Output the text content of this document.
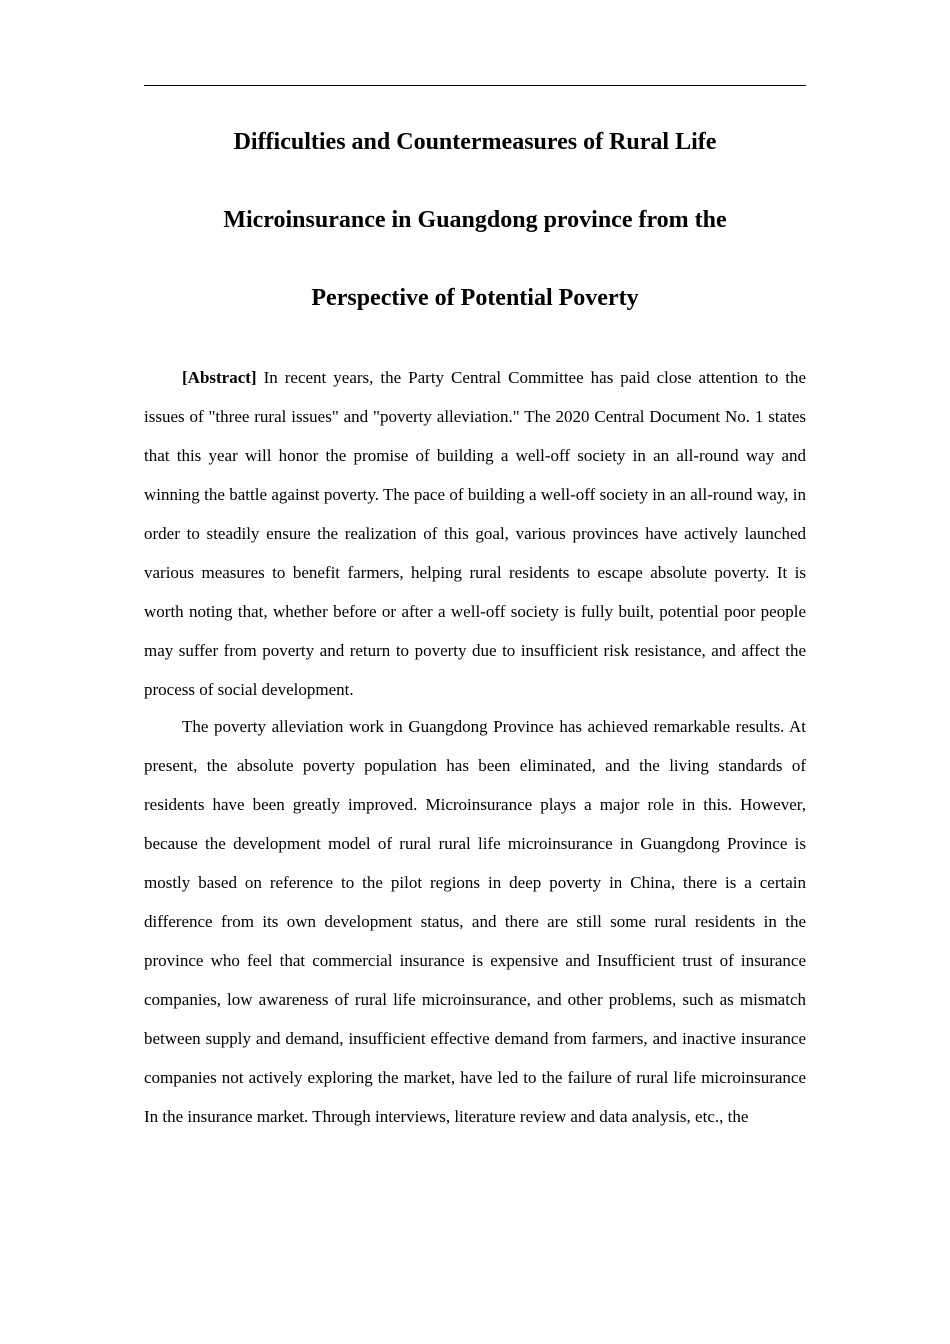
Difficulties and Countermeasures of Rural Life
Microinsurance in Guangdong province from the
Perspective of Potential Poverty

[Abstract] In recent years, the Party Central Committee has paid close attention to the issues of "three rural issues" and "poverty alleviation." The 2020 Central Document No. 1 states that this year will honor the promise of building a well-off society in an all-round way and winning the battle against poverty. The pace of building a well-off society in an all-round way, in order to steadily ensure the realization of this goal, various provinces have actively launched various measures to benefit farmers, helping rural residents to escape absolute poverty. It is worth noting that, whether before or after a well-off society is fully built, potential poor people may suffer from poverty and return to poverty due to insufficient risk resistance, and affect the process of social development.

The poverty alleviation work in Guangdong Province has achieved remarkable results. At present, the absolute poverty population has been eliminated, and the living standards of residents have been greatly improved. Microinsurance plays a major role in this. However, because the development model of rural rural life microinsurance in Guangdong Province is mostly based on reference to the pilot regions in deep poverty in China, there is a certain difference from its own development status, and there are still some rural residents in the province who feel that commercial insurance is expensive and Insufficient trust of insurance companies, low awareness of rural life microinsurance, and other problems, such as mismatch between supply and demand, insufficient effective demand from farmers, and inactive insurance companies not actively exploring the market, have led to the failure of rural life microinsurance In the insurance market. Through interviews, literature review and data analysis, etc., the
